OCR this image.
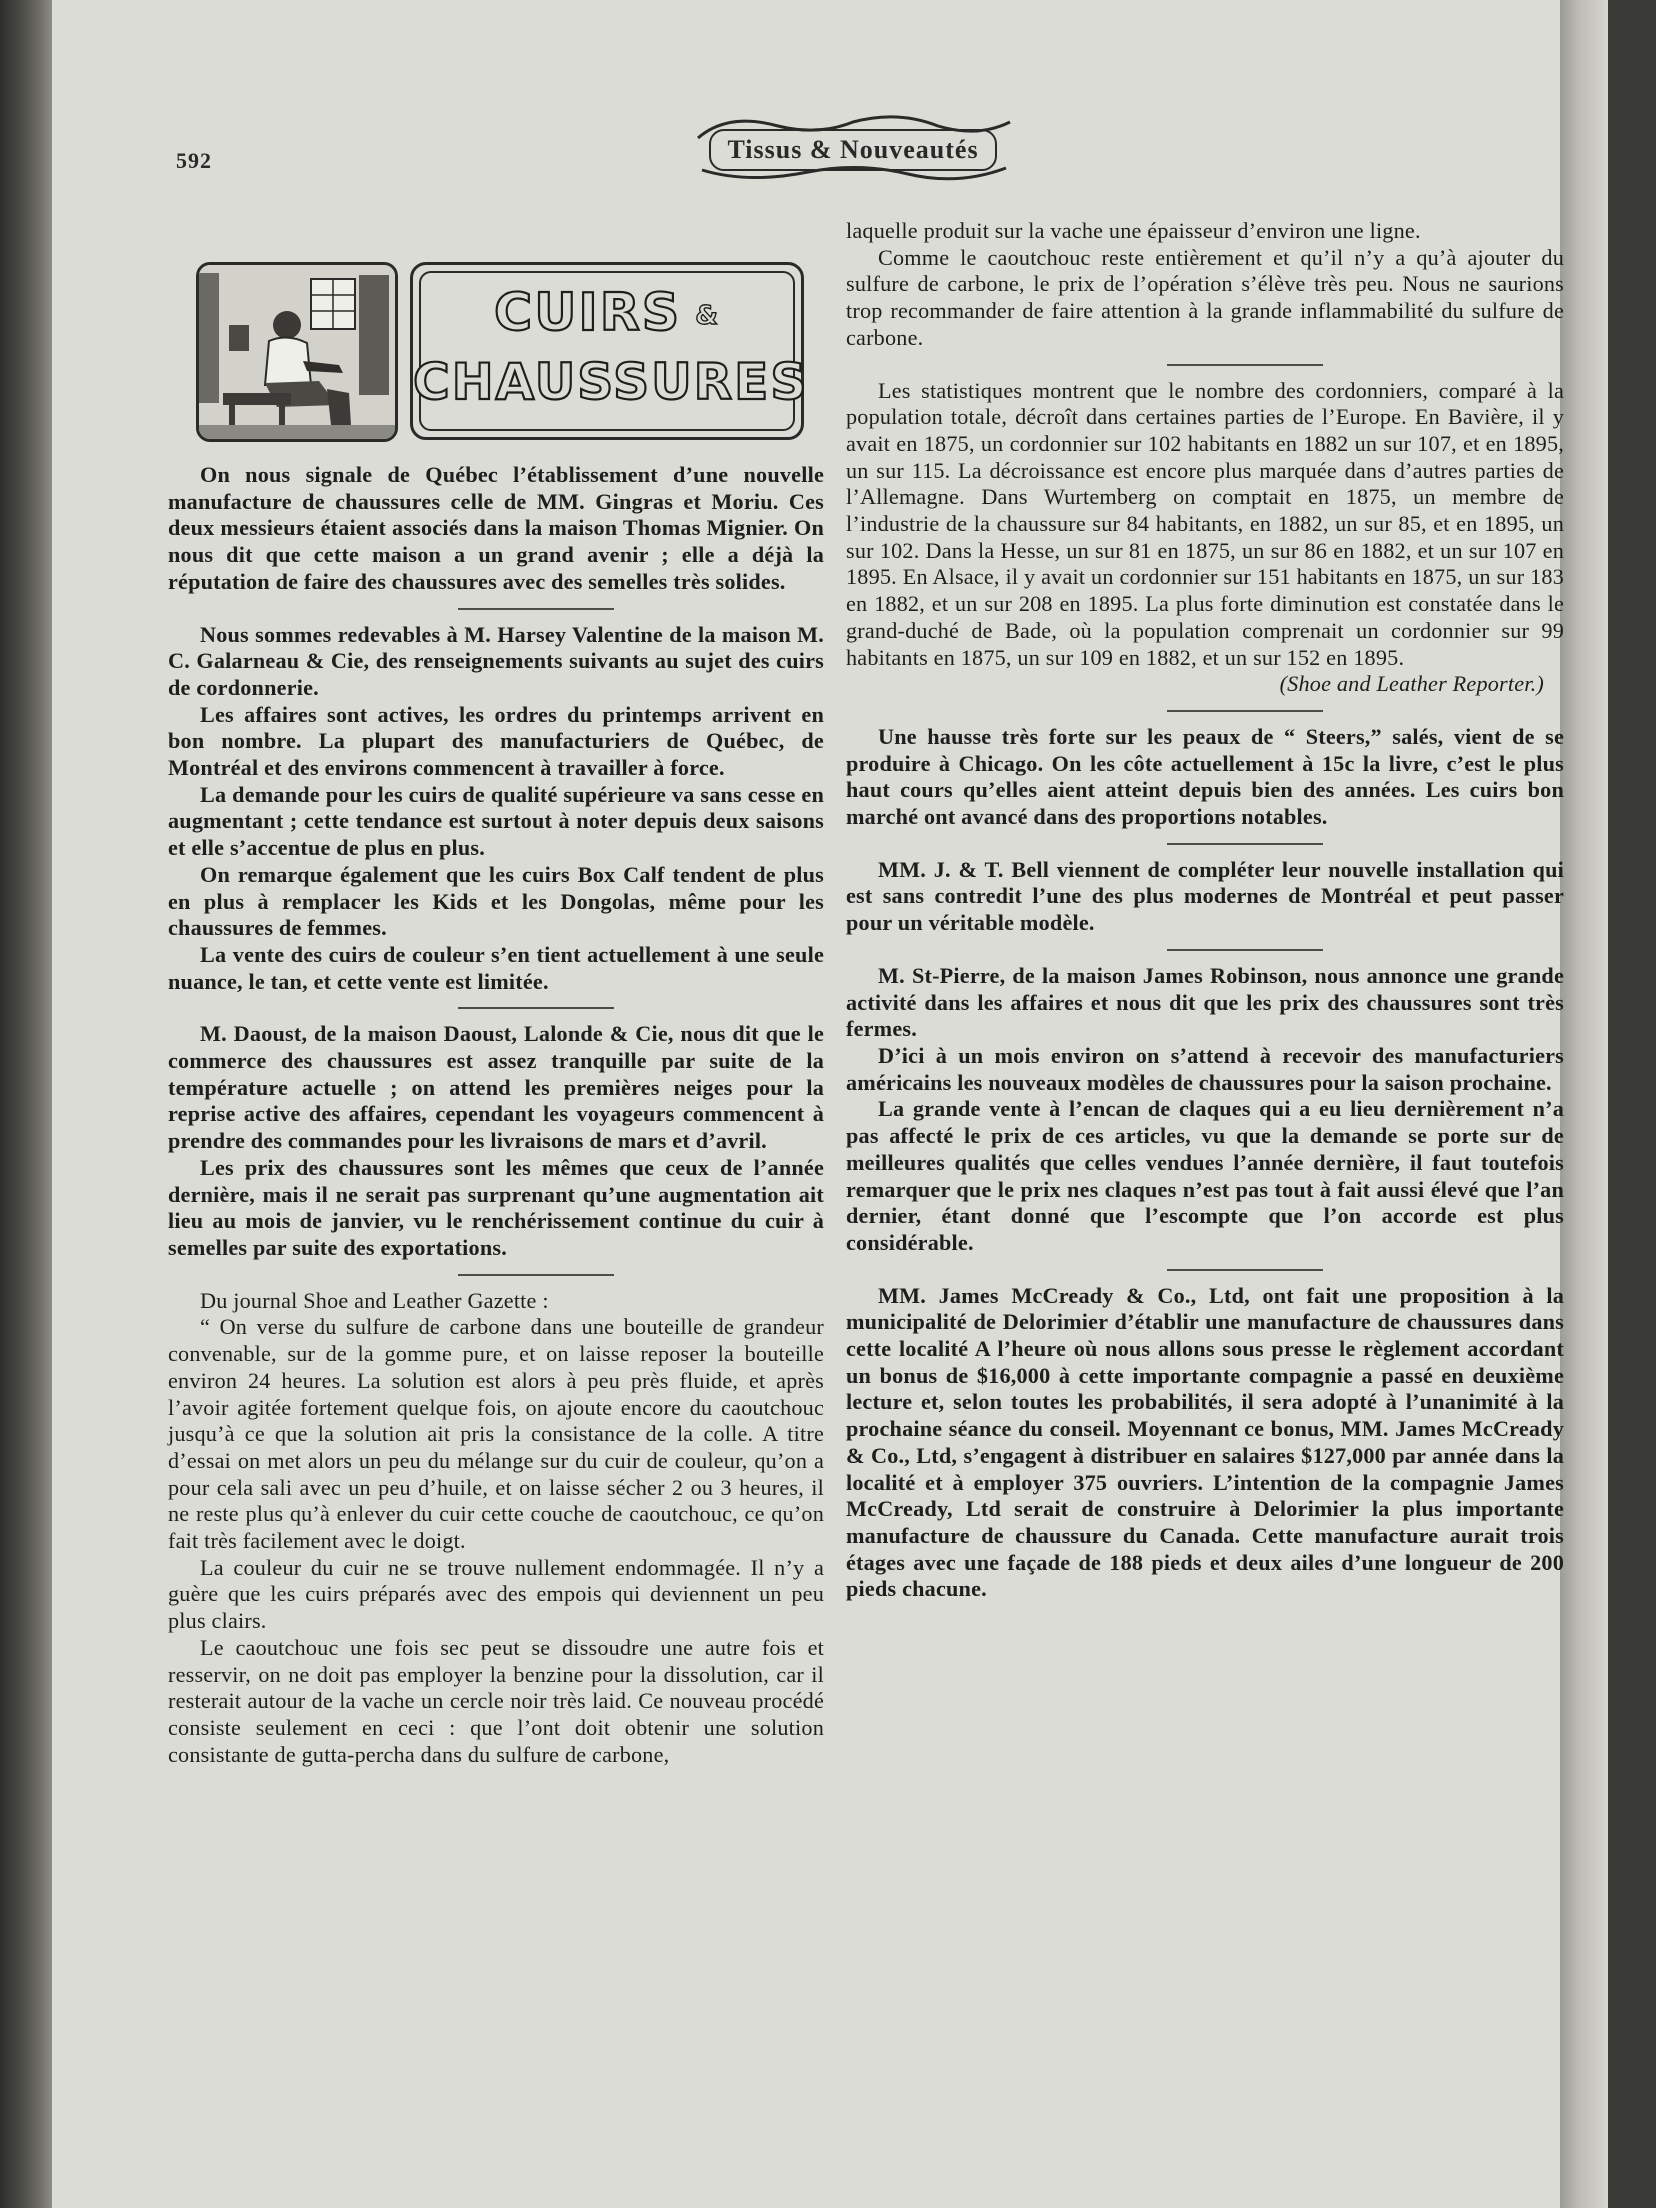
592	Tissus & Nouveautés
CUIRS &
CHAUSSURES

On nous signale de Québec l’établissement d’une nouvelle manufacture de chaussures celle de MM. Gingras et Moriu. Ces deux messieurs étaient associés dans la maison Thomas Mignier. On nous dit que cette maison a un grand avenir ; elle a déjà la réputation de faire des chaussures avec des semelles très solides.

Nous sommes redevables à M. Harsey Valentine de la maison M. C. Galarneau & Cie, des renseignements suivants au sujet des cuirs de cordonnerie.

Les affaires sont actives, les ordres du printemps arrivent en bon nombre. La plupart des manufacturiers de Québec, de Montréal et des environs commencent à travailler à force.

La demande pour les cuirs de qualité supérieure va sans cesse en augmentant ; cette tendance est surtout à noter depuis deux saisons et elle s’accentue de plus en plus.

On remarque également que les cuirs Box Calf tendent de plus en plus à remplacer les Kids et les Dongolas, même pour les chaussures de femmes.

La vente des cuirs de couleur s’en tient actuellement à une seule nuance, le tan, et cette vente est limitée.

M. Daoust, de la maison Daoust, Lalonde & Cie, nous dit que le commerce des chaussures est assez tranquille par suite de la température actuelle ; on attend les premières neiges pour la reprise active des affaires, cependant les voyageurs commencent à prendre des commandes pour les livraisons de mars et d’avril.

Les prix des chaussures sont les mêmes que ceux de l’année dernière, mais il ne serait pas surprenant qu’une augmentation ait lieu au mois de janvier, vu le renchérissement continue du cuir à semelles par suite des exportations.

Du journal Shoe and Leather Gazette :

“ On verse du sulfure de carbone dans une bouteille de grandeur convenable, sur de la gomme pure, et on laisse reposer la bouteille environ 24 heures. La solution est alors à peu près fluide, et après l’avoir agitée fortement quelque fois, on ajoute encore du caoutchouc jusqu’à ce que la solution ait pris la consistance de la colle. A titre d’essai on met alors un peu du mélange sur du cuir de couleur, qu’on a pour cela sali avec un peu d’huile, et on laisse sécher 2 ou 3 heures, il ne reste plus qu’à enlever du cuir cette couche de caoutchouc, ce qu’on fait très facilement avec le doigt.

La couleur du cuir ne se trouve nullement endommagée. Il n’y a guère que les cuirs préparés avec des empois qui deviennent un peu plus clairs.

Le caoutchouc une fois sec peut se dissoudre une autre fois et resservir, on ne doit pas employer la benzine pour la dissolution, car il resterait autour de la vache un cercle noir très laid. Ce nouveau procédé consiste seulement en ceci : que l’ont doit obtenir une solution consistante de gutta-percha dans du sulfure de carbone,

laquelle produit sur la vache une épaisseur d’environ une ligne.

Comme le caoutchouc reste entièrement et qu’il n’y a qu’à ajouter du sulfure de carbone, le prix de l’opération s’élève très peu. Nous ne saurions trop recommander de faire attention à la grande inflammabilité du sulfure de carbone.

Les statistiques montrent que le nombre des cordonniers, comparé à la population totale, décroît dans certaines parties de l’Europe. En Bavière, il y avait en 1875, un cordonnier sur 102 habitants en 1882 un sur 107, et en 1895, un sur 115. La décroissance est encore plus marquée dans d’autres parties de l’Allemagne. Dans Wurtemberg on comptait en 1875, un membre de l’industrie de la chaussure sur 84 habitants, en 1882, un sur 85, et en 1895, un sur 102. Dans la Hesse, un sur 81 en 1875, un sur 86 en 1882, et un sur 107 en 1895. En Alsace, il y avait un cordonnier sur 151 habitants en 1875, un sur 183 en 1882, et un sur 208 en 1895. La plus forte diminution est constatée dans le grand-duché de Bade, où la population comprenait un cordonnier sur 99 habitants en 1875, un sur 109 en 1882, et un sur 152 en 1895.

(Shoe and Leather Reporter.)

Une hausse très forte sur les peaux de “ Steers,” salés, vient de se produire à Chicago. On les côte actuellement à 15c la livre, c’est le plus haut cours qu’elles aient atteint depuis bien des années. Les cuirs bon marché ont avancé dans des proportions notables.

MM. J. & T. Bell viennent de compléter leur nouvelle installation qui est sans contredit l’une des plus modernes de Montréal et peut passer pour un véritable modèle.

M. St-Pierre, de la maison James Robinson, nous annonce une grande activité dans les affaires et nous dit que les prix des chaussures sont très fermes.

D’ici à un mois environ on s’attend à recevoir des manufacturiers américains les nouveaux modèles de chaussures pour la saison prochaine.

La grande vente à l’encan de claques qui a eu lieu dernièrement n’a pas affecté le prix de ces articles, vu que la demande se porte sur de meilleures qualités que celles vendues l’année dernière, il faut toutefois remarquer que le prix nes claques n’est pas tout à fait aussi élevé que l’an dernier, étant donné que l’escompte que l’on accorde est plus considérable.

MM. James McCready & Co., Ltd, ont fait une proposition à la municipalité de Delorimier d’établir une manufacture de chaussures dans cette localité A l’heure où nous allons sous presse le règlement accordant un bonus de $16,000 à cette importante compagnie a passé en deuxième lecture et, selon toutes les probabilités, il sera adopté à l’unanimité à la prochaine séance du conseil. Moyennant ce bonus, MM. James McCready & Co., Ltd, s’engagent à distribuer en salaires $127,000 par année dans la localité et à employer 375 ouvriers. L’intention de la compagnie James McCready, Ltd serait de construire à Delorimier la plus importante manufacture de chaussure du Canada. Cette manufacture aurait trois étages avec une façade de 188 pieds et deux ailes d’une longueur de 200 pieds chacune.
